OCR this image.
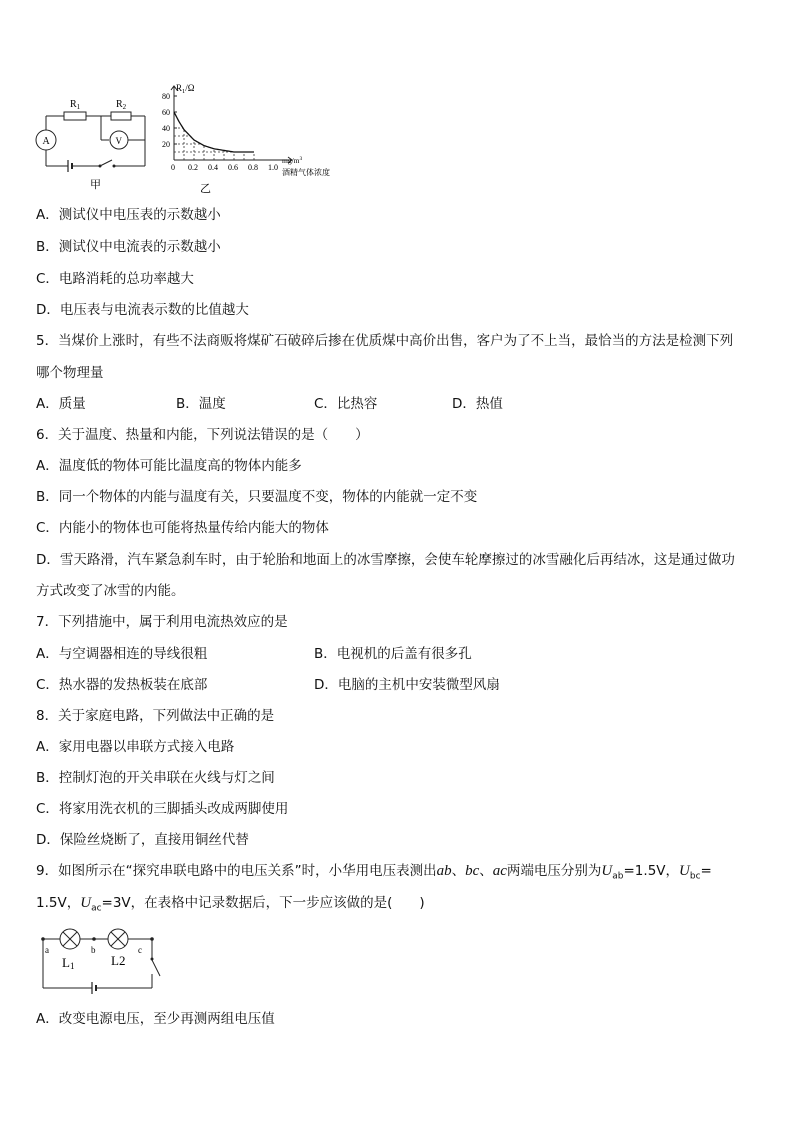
A	V
$R_1$	$R_2$
甲
0 0.2 0.4 0.6 0.8 1.0
20
40
60
80
$R_1/\Omega$
$mg/m^3$
酒精气体浓度
乙
A．测试仪中电压表的示数越小
B．测试仪中电流表的示数越小
C．电路消耗的总功率越大
D．电压表与电流表示数的比值越大
5．当煤价上涨时，有些不法商贩将煤矿石破碎后掺在优质煤中高价出售，客户为了不上当，最恰当的方法是检测下列
哪个物理量
A．质量	B．温度	C．比热容	D．热值
6．关于温度、热量和内能，下列说法错误的是（　　）
A．温度低的物体可能比温度高的物体内能多
B．同一个物体的内能与温度有关，只要温度不变，物体的内能就一定不变
C．内能小的物体也可能将热量传给内能大的物体
D．雪天路滑，汽车紧急刹车时，由于轮胎和地面上的冰雪摩擦，会使车轮摩擦过的冰雪融化后再结冰，这是通过做功
方式改变了冰雪的内能。
7．下列措施中，属于利用电流热效应的是
A．与空调器相连的导线很粗	B．电视机的后盖有很多孔
C．热水器的发热板装在底部	D．电脑的主机中安装微型风扇
8．关于家庭电路，下列做法中正确的是
A．家用电器以串联方式接入电路
B．控制灯泡的开关串联在火线与灯之间
C．将家用洗衣机的三脚插头改成两脚使用
D．保险丝烧断了，直接用铜丝代替
9．如图所示在“探究串联电路中的电压关系”时，小华用电压表测出ab、bc、ac两端电压分别为$U_{ab}=1.5V$，$U_{bc}=$
1.5V，$U_{ac}=3V$，在表格中记录数据后，下一步应该做的是(　　)
a	b	c
L1	L2
A．改变电源电压，至少再测两组电压值
